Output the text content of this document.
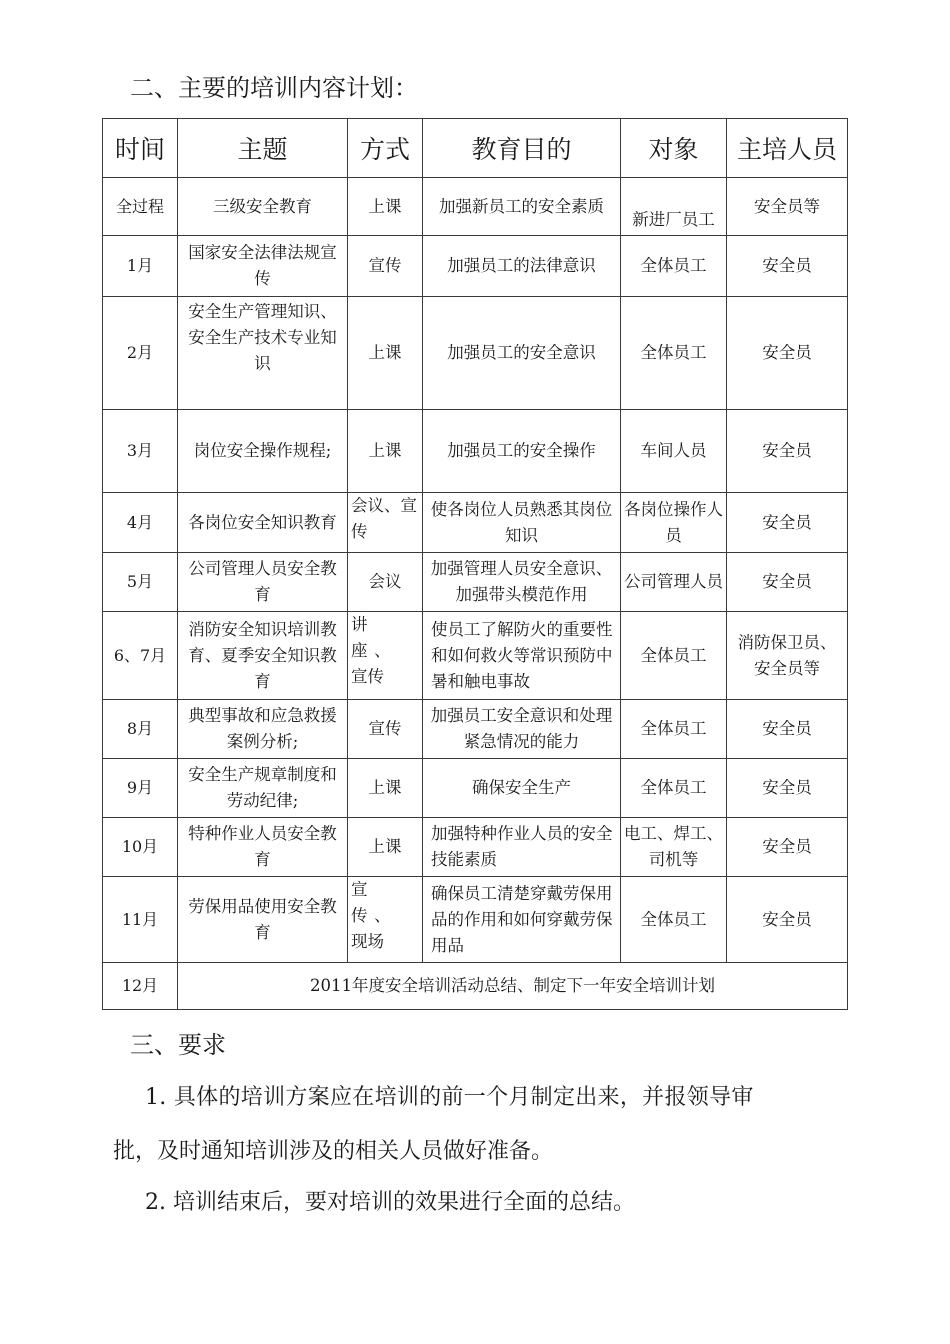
二、主要的培训内容计划：
时间	主题	方式	教育目的	对象	主培人员
全过程	三级安全教育	上课	加强新员工的安全素质	新进厂员工	安全员等
1月	国家安全法律法规宣传	宣传	加强员工的法律意识	全体员工	安全员
2月	安全生产管理知识、安全生产技术专业知识	上课	加强员工的安全意识	全体员工	安全员
3月	岗位安全操作规程;	上课	加强员工的安全操作	车间人员	安全员
4月	各岗位安全知识教育	会议、宣传	使各岗位人员熟悉其岗位知识	各岗位操作人员	安全员
5月	公司管理人员安全教育	会议	加强管理人员安全意识、加强带头模范作用	公司管理人员	安全员
6、7月	消防安全知识培训教育、夏季安全知识教育	讲座、宣传	使员工了解防火的重要性和如何救火等常识预防中暑和触电事故	全体员工	消防保卫员、安全员等
8月	典型事故和应急救援案例分析;	宣传	加强员工安全意识和处理紧急情况的能力	全体员工	安全员
9月	安全生产规章制度和劳动纪律;	上课	确保安全生产	全体员工	安全员
10月	特种作业人员安全教育	上课	加强特种作业人员的安全技能素质	电工、焊工、司机等	安全员
11月	劳保用品使用安全教育	宣传、现场	确保员工清楚穿戴劳保用品的作用和如何穿戴劳保用品	全体员工	安全员
12月	2011年度安全培训活动总结、制定下一年安全培训计划				
三、要求
1. 具体的培训方案应在培训的前一个月制定出来，并报领导审
批，及时通知培训涉及的相关人员做好准备。
2. 培训结束后，要对培训的效果进行全面的总结。
